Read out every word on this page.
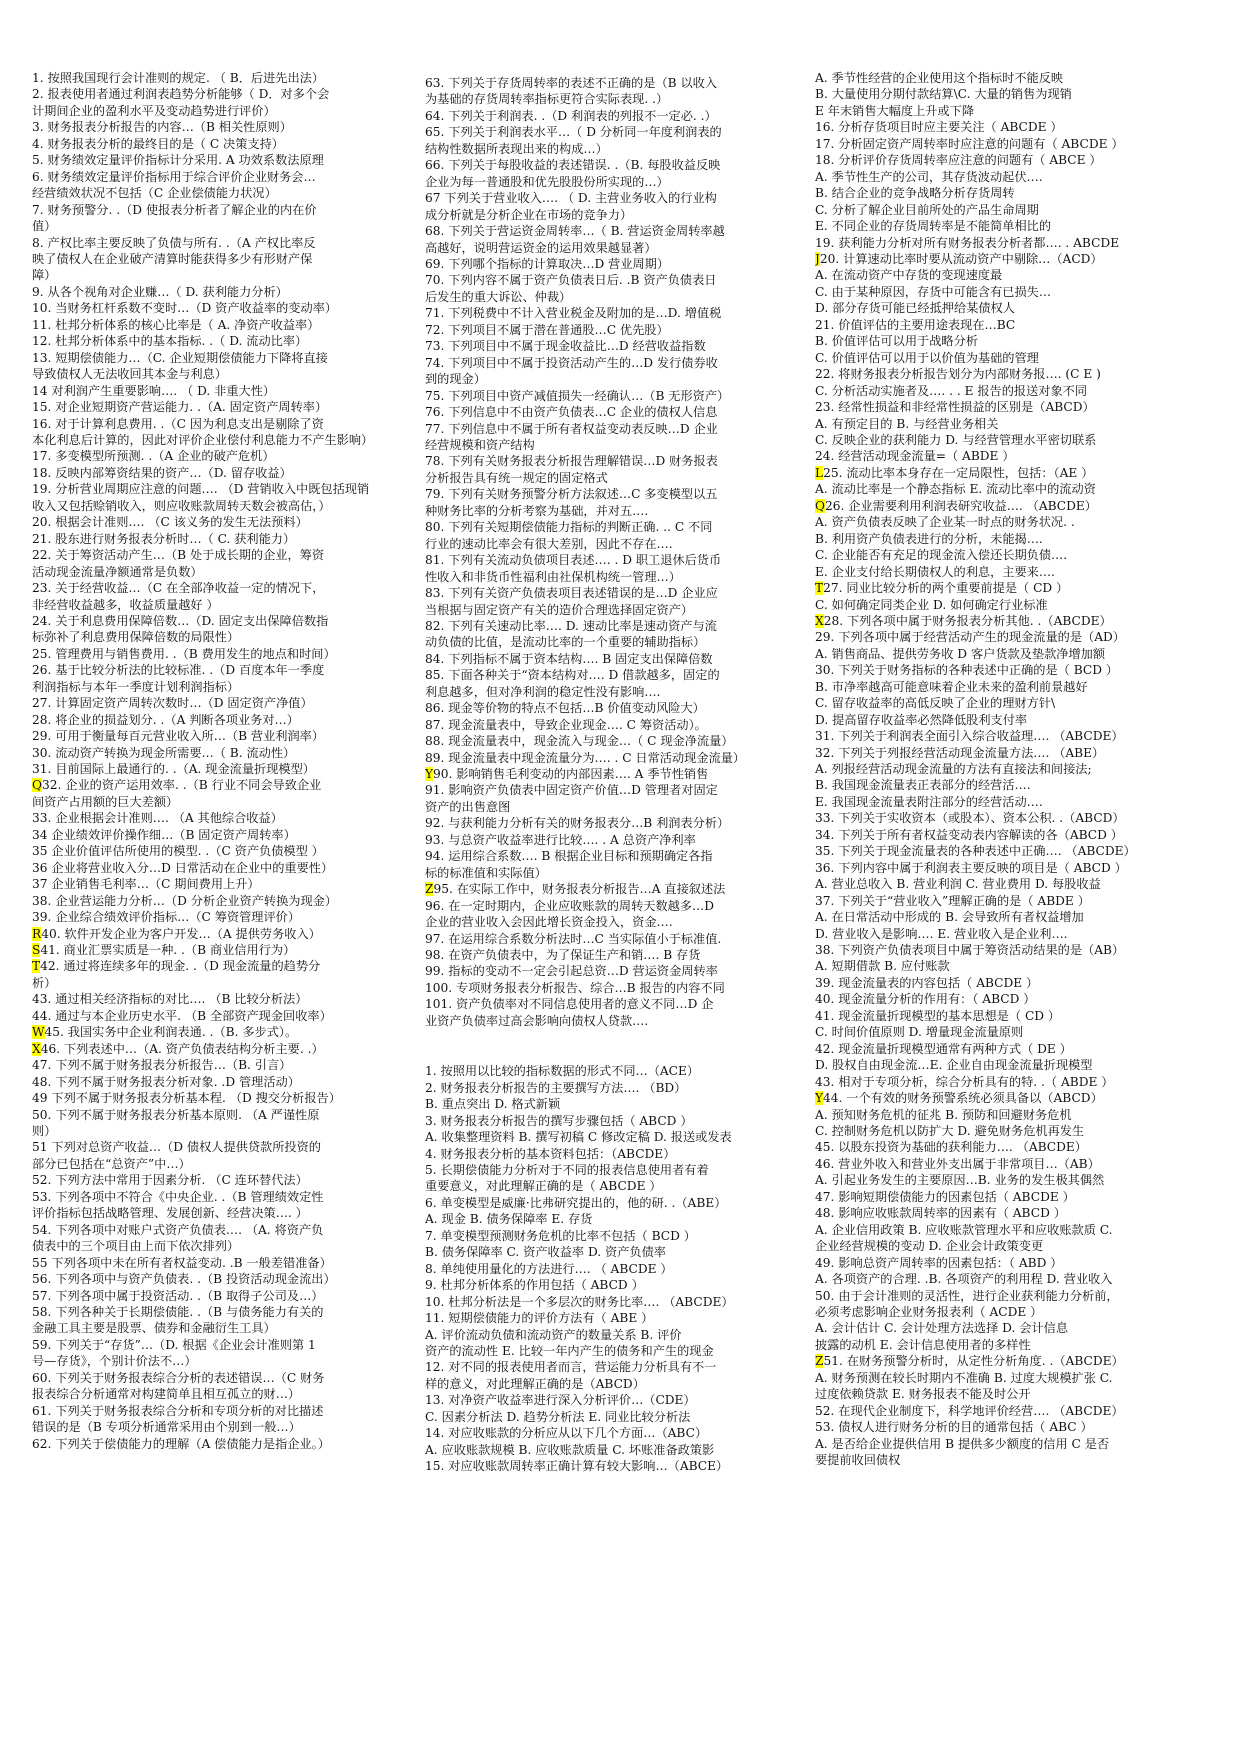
1. 按照我国现行会计准则的规定. （ B．后进先出法）
2. 报表使用者通过利润表趋势分析能够（ D．对多个会
计期间企业的盈利水平及变动趋势进行评价）
3. 财务报表分析报告的内容…（B 相关性原则）
4. 财务报表分析的最终目的是（ C 决策支持）
5. 财务绩效定量评价指标计分采用. A 功效系数法原理
6. 财务绩效定量评价指标用于综合评价企业财务会…
经营绩效状况不包括（C 企业偿债能力状况）
7. 财务预警分. .（D 使报表分析者了解企业的内在价
值）
8. 产权比率主要反映了负债与所有. .（A 产权比率反
映了债权人在企业破产清算时能获得多少有形财产保
障）
9. 从各个视角对企业赚…（ D. 获利能力分析）
10. 当财务杠杆系数不变时…（D 资产收益率的变动率）
11. 杜邦分析体系的核心比率是（ A. 净资产收益率）
12. 杜邦分析体系中的基本指标. .（ D. 流动比率）
13. 短期偿债能力…（C. 企业短期偿债能力下降将直接
导致债权人无法收回其本金与利息）
14 对利润产生重要影响…. （ D. 非重大性）
15. 对企业短期资产营运能力. .（A. 固定资产周转率）
16. 对于计算利息费用. .（C 因为利息支出是剔除了资
本化利息后计算的，因此对评价企业偿付利息能力不产生影响）
17. 多变模型所预测. .（A 企业的破产危机）
18. 反映内部筹资结果的资产…（D. 留存收益）
19. 分析营业周期应注意的问题…. （D 营销收入中既包括现销
收入又包括赊销收入，则应收账款周转天数会被高估，）
20. 根据会计准则…. （C 该义务的发生无法预料）
21. 股东进行财务报表分析时…（ C. 获利能力）
22. 关于筹资活动产生…（B 处于成长期的企业，筹资
活动现金流量净额通常是负数）
23. 关于经营收益…（C 在全部净收益一定的情况下，
非经营收益越多，收益质量越好 ）
24. 关于利息费用保障倍数…（D. 固定支出保障倍数指
标弥补了利息费用保障倍数的局限性）
25. 管理费用与销售费用. .（B 费用发生的地点和时间）
26. 基于比较分析法的比较标准. .（D 百度本年一季度
利润指标与本年一季度计划利润指标）
27. 计算固定资产周转次数时…（D 固定资产净值）
28. 将企业的损益划分. .（A 判断各项业务对…）
29. 可用于衡量每百元营业收入所…（B 营业利润率）
30. 流动资产转换为现金所需要…（ B. 流动性）
31. 目前国际上最通行的. .（A. 现金流量折现模型）
Q32. 企业的资产运用效率. .（B 行业不同会导致企业
间资产占用额的巨大差额）
33. 企业根据会计准则…. （A 其他综合收益）
34 企业绩效评价操作细…（B 固定资产周转率）
35 企业价值评估所使用的模型. .（C 资产负债模型 ）
36 企业将营业收入分…D 日常活动在企业中的重要性）
37 企业销售毛利率…（C 期间费用上升）
38. 企业营运能力分析…（D 分析企业资产转换为现金）
39. 企业综合绩效评价指标…（C 筹资管理评价）
R40. 软件开发企业为客户开发…（A 提供劳务收入）
S41. 商业汇票实质是一种. .（B 商业信用行为）
T42. 通过将连续多年的现金. .（D 现金流量的趋势分
析）
43. 通过相关经济指标的对比…. （B 比较分析法）
44. 通过与本企业历史水平. （B 全部资产现金回收率）
W45. 我国实务中企业利润表通. .（B. 多步式）。
X46. 下列表述中…（A. 资产负债表结构分析主要. .）
47. 下列不属于财务报表分析报告…（B. 引言）
48. 下列不属于财务报表分析对象. .D 管理活动）
49 下列不属于财务报表分析基本程. （D 搜交分析报告）
50. 下列不属于财务报表分析基本原则. （A 严谨性原
则）
51 下列对总资产收益…（D 债权人提供贷款所投资的
部分已包括在“总资产”中…）
52. 下列方法中常用于因素分析. （C 连环替代法）
53. 下列各项中不符合《中央企业. .（B 管理绩效定性
评价指标包括战略管理、发展创新、经营决策…. ）
54. 下列各项中对账户式资产负债表…. （A. 将资产负
债表中的三个项目由上而下依次排列）
55 下列各项中未在所有者权益变动. .B 一般差错准备）
56. 下列各项中与资产负债表. .（B 投资活动现金流出）
57. 下列各项中属于投资活动. .（B 取得子公司及…）
58. 下列各种关于长期偿债能. .（B 与债务能力有关的
金融工具主要是股票、债券和金融衍生工具）
59. 下列关于“存货”…（D. 根据《企业会计准则第 1
号—存货》，个别计价法不…）
60. 下列关于财务报表综合分析的表述错误…（C 财务
报表综合分析通常对构建简单且相互孤立的财…）
61. 下列关于财务报表综合分析和专项分析的对比描述
错误的是（B 专项分析通常采用由个别到一般…）
62. 下列关于偿债能力的理解（A 偿债能力是指企业。）
63. 下列关于存货周转率的表述不正确的是（B 以收入
为基础的存货周转率指标更符合实际表现. .）
64. 下列关于利润表. .（D 利润表的列报不一定必. .）
65. 下列关于利润表水平…（ D 分析同一年度利润表的
结构性数据所表现出来的构成…）
66. 下列关于每股收益的表述错误. .（B. 每股收益反映
企业为每一普通股和优先股股份所实现的…）
67 下列关于营业收入…. （ D. 主营业务收入的行业构
成分析就是分析企业在市场的竞争力）
68. 下列关于营运资金周转率…（ B. 营运资金周转率越
高越好，说明营运资金的运用效果越显著）
69. 下列哪个指标的计算取决…D 营业周期）
70. 下列内容不属于资产负债表日后. .B 资产负债表日
后发生的重大诉讼、仲裁）
71. 下列税费中不计入营业税金及附加的是…D. 增值税
72. 下列项目不属于潜在普通股…C 优先股）
73. 下列项目中不属于现金收益比…D 经营收益指数
74. 下列项目中不属于投资活动产生的…D 发行债券收
到的现金）
75. 下列项目中资产减值损失一经确认…（B 无形资产）
76. 下列信息中不由资产负债表…C 企业的债权人信息
77. 下列信息中不属于所有者权益变动表反映…D 企业
经营规模和资产结构
78. 下列有关财务报表分析报告理解错误…D 财务报表
分析报告具有统一规定的固定格式
79. 下列有关财务预警分析方法叙述…C 多变模型以五
种财务比率的分析考察为基础，并对五….
80. 下列有关短期偿债能力指标的判断正确. .. C 不同
行业的速动比率会有很大差别，因此不存在….
81. 下列有关流动负债项目表述…. . D 职工退休后货币
性收入和非货币性福利由社保机构统一管理…）
83. 下列有关资产负债表项目表述错误的是…D 企业应
当根据与固定资产有关的造价合理选择固定资产）
82. 下列有关速动比率…. D. 速动比率是速动资产与流
动负债的比值，是流动比率的一个重要的辅助指标）
84. 下列指标不属于资本结构…. B 固定支出保障倍数
85. 下面各种关于“资本结构对…. D 借款越多，固定的
利息越多，但对净利润的稳定性没有影响….
86. 现金等价物的特点不包括…B 价值变动风险大）
87. 现金流量表中，导致企业现金…. C 筹资活动）。
88. 现金流量表中，现金流入与现金…（ C 现金净流量）
89. 现金流量表中现金流量分为…. . C 日常活动现金流量）
Y90. 影响销售毛利变动的内部因素…. A 季节性销售
91. 影响资产负债表中固定资产价值…D 管理者对固定
资产的出售意图
92. 与获利能力分析有关的财务报表分…B 利润表分析）
93. 与总资产收益率进行比较…. . A 总资产净利率
94. 运用综合系数…. B 根据企业目标和预期确定各指
标的标准值和实际值）
Z95. 在实际工作中，财务报表分析报告…A 直接叙述法
96. 在一定时期内，企业应收账款的周转天数越多…D
企业的营业收入会因此增长资金投入，资金….
97. 在运用综合系数分析法时…C 当实际值小于标准值.
98. 在资产负债表中，为了保证生产和销…. B 存货
99. 指标的变动不一定会引起总资…D 营运资金周转率
100. 专项财务报表分析报告、综合…B 报告的内容不同
101. 资产负债率对不同信息使用者的意义不同…D 企
业资产负债率过高会影响向债权人贷款….
1. 按照用以比较的指标数据的形式不同…（ACE）
2. 财务报表分析报告的主要撰写方法…. （BD）
B. 重点突出 D. 格式新颖
3. 财务报表分析报告的撰写步骤包括（ ABCD ）
A. 收集整理资料 B. 撰写初稿 C 修改定稿 D. 报送或发表
4. 财务报表分析的基本资料包括：（ABCDE）
5. 长期偿债能力分析对于不同的报表信息使用者有着
重要意义，对此理解正确的是（ ABCDE ）
6. 单变模型是威廉·比弗研究提出的，他的研. .（ABE）
A. 现金 B. 债务保障率 E. 存货
7. 单变模型预测财务危机的比率不包括（ BCD ）
B. 债务保障率 C. 资产收益率 D. 资产负债率
8. 单纯使用量化的方法进行…. （ ABCDE ）
9. 杜邦分析体系的作用包括（ ABCD ）
10. 杜邦分析法是一个多层次的财务比率…. （ABCDE）
11. 短期偿债能力的评价方法有（ ABE ）
A. 评价流动负债和流动资产的数量关系 B. 评价
资产的流动性 E. 比较一年内产生的债务和产生的现金
12. 对不同的报表使用者而言，营运能力分析具有不一
样的意义，对此理解正确的是（ABCD）
13. 对净资产收益率进行深入分析评价…（CDE）
C. 因素分析法 D. 趋势分析法 E. 同业比较分析法
14. 对应收账款的分析应从以下几个方面…（ABC）
A. 应收账款规模 B. 应收账款质量 C. 坏账准备政策影
15. 对应收账款周转率正确计算有较大影响…（ABCE）
A. 季节性经营的企业使用这个指标时不能反映
B. 大量使用分期付款结算\C. 大量的销售为现销
E 年末销售大幅度上升或下降
16. 分析存货项目时应主要关注（ ABCDE ）
17. 分析固定资产周转率时应注意的问题有（ ABCDE ）
18. 分析评价存货周转率应注意的问题有（ ABCE ）
A. 季节性生产的公司，其存货波动起伏….
B. 结合企业的竞争战略分析存货周转
C. 分析了解企业目前所处的产品生命周期
E. 不同企业的存货周转率是不能简单相比的
19. 获利能力分析对所有财务报表分析者都…. . ABCDE
J20. 计算速动比率时要从流动资产中剔除…（ACD）
A. 在流动资产中存货的变现速度最
C. 由于某种原因，存货中可能含有已损失…
D. 部分存货可能已经抵押给某债权人
21. 价值评估的主要用途表现在…BC
B. 价值评估可以用于战略分析
C. 价值评估可以用于以价值为基础的管理
22. 将财务报表分析报告划分为内部财务报…. (C E )
C. 分析活动实施者及…. . . E 报告的报送对象不同
23. 经常性损益和非经常性损益的区别是（ABCD）
A. 有预定目的 B. 与经营业务相关
C. 反映企业的获利能力 D. 与经营管理水平密切联系
24. 经营活动现金流量=（ ABDE ）
L25. 流动比率本身存在一定局限性，包括：（AE ）
A. 流动比率是一个静态指标 E. 流动比率中的流动资
Q26. 企业需要利用利润表研究收益…. （ABCDE）
A. 资产负债表反映了企业某一时点的财务状况. .
B. 利用资产负债表进行的分析，未能揭….
C. 企业能否有充足的现金流入偿还长期负债….
E. 企业支付给长期债权人的利息，主要来….
T27. 同业比较分析的两个重要前提是（ CD ）
C. 如何确定同类企业 D. 如何确定行业标准
X28. 下列各项中属于财务报表分析其他. .（ABCDE）
29. 下列各项中属于经营活动产生的现金流量的是（AD）
A. 销售商品、提供劳务收 D 客户货款及垫款净增加额
30. 下列关于财务指标的各种表述中正确的是（ BCD ）
B. 市净率越高可能意味着企业未来的盈利前景越好
C. 留存收益率的高低反映了企业的理财方针\
D. 提高留存收益率必然降低股利支付率
31. 下列关于利润表全面引入综合收益理…. （ABCDE）
32. 下列关于列报经营活动现金流量方法…. （ABE）
A. 列报经营活动现金流量的方法有直接法和间接法;
B. 我国现金流量表正表部分的经营活….
E. 我国现金流量表附注部分的经营活动….
33. 下列关于实收资本（或股本）、资本公积. .（ABCD）
34. 下列关于所有者权益变动表内容解读的各（ABCD ）
35. 下列关于现金流量表的各种表述中正确…. （ABCDE）
36. 下列内容中属于利润表主要反映的项目是（ ABCD ）
A. 营业总收入 B. 营业利润 C. 营业费用 D. 每股收益
37. 下列关于“营业收入”理解正确的是（ ABDE ）
A. 在日常活动中形成的 B. 会导致所有者权益增加
D. 营业收入是影响…. E. 营业收入是企业利….
38. 下列资产负债表项目中属于筹资活动结果的是（AB）
A. 短期借款 B. 应付账款
39. 现金流量表的内容包括（ ABCDE ）
40. 现金流量分析的作用有：（ ABCD ）
41. 现金流量折现模型的基本思想是（ CD ）
C. 时间价值原则 D. 增量现金流量原则
42. 现金流量折现模型通常有两种方式（ DE ）
D. 股权自由现金流…E. 企业自由现金流量折现模型
43. 相对于专项分析，综合分析具有的特. .（ ABDE ）
Y44. 一个有效的财务预警系统必须具备以（ABCD）
A. 预知财务危机的征兆 B. 预防和回避财务危机
C. 控制财务危机以防扩大 D. 避免财务危机再发生
45. 以股东投资为基础的获利能力…. （ABCDE）
46. 营业外收入和营业外支出属于非常项目…（AB）
A. 引起业务发生的主要原因…B. 业务的发生极其偶然
47. 影响短期偿债能力的因素包括（ ABCDE ）
48. 影响应收账款周转率的因素有（ ABCD ）
A. 企业信用政策 B. 应收账款管理水平和应收账款质 C.
企业经营规模的变动 D. 企业会计政策变更
49. 影响总资产周转率的因素包括：（ ABD ）
A. 各项资产的合理. .B. 各项资产的利用程 D. 营业收入
50. 由于会计准则的灵活性，进行企业获利能力分析前，
必须考虑影响企业财务报表利（ ACDE ）
A. 会计估计 C. 会计处理方法选择 D. 会计信息
披露的动机 E. 会计信息使用者的多样性
Z51. 在财务预警分析时，从定性分析角度. .（ABCDE）
A. 财务预测在较长时期内不准确 B. 过度大规模扩张 C.
过度依赖贷款 E. 财务报表不能及时公开
52. 在现代企业制度下，科学地评价经营…. （ABCDE）
53. 债权人进行财务分析的目的通常包括（ ABC ）
A. 是否给企业提供信用 B 提供多少额度的信用 C 是否
要提前收回债权
